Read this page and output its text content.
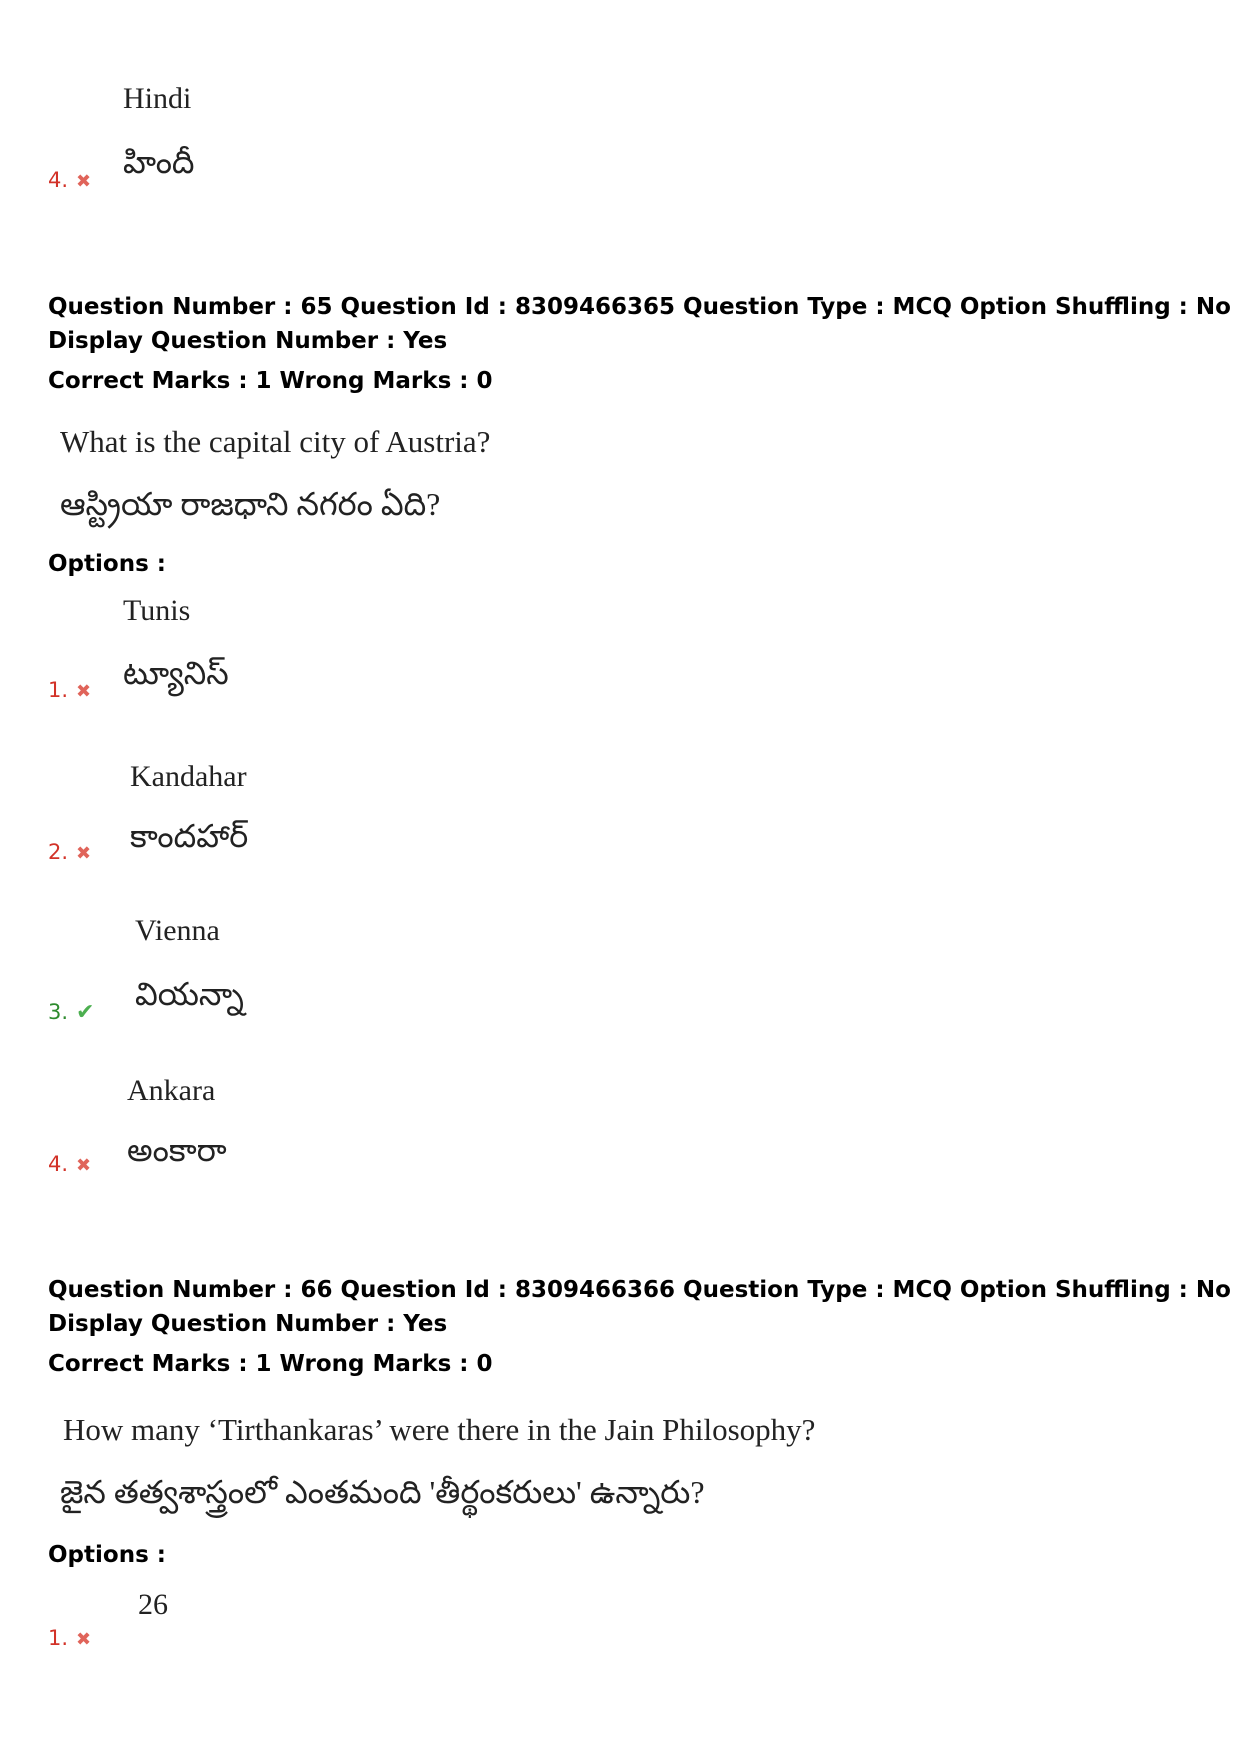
Hindi
హిందీ
4. ✖
Question Number : 65 Question Id : 8309466365 Question Type : MCQ Option Shuffling : No
Display Question Number : Yes
Correct Marks : 1 Wrong Marks : 0
What is the capital city of Austria?
ఆస్ట్రియా రాజధాని నగరం ఏది?
Options :
Tunis
ట్యూనిస్
1. ✖
Kandahar
కాందహార్
2. ✖
Vienna
వియన్నా
3. ✔
Ankara
అంకారా
4. ✖
Question Number : 66 Question Id : 8309466366 Question Type : MCQ Option Shuffling : No
Display Question Number : Yes
Correct Marks : 1 Wrong Marks : 0
How many ‘Tirthankaras’ were there in the Jain Philosophy?
జైన తత్వశాస్త్రంలో ఎంతమంది 'తీర్థంకరులు' ఉన్నారు?
Options :
26
1. ✖
